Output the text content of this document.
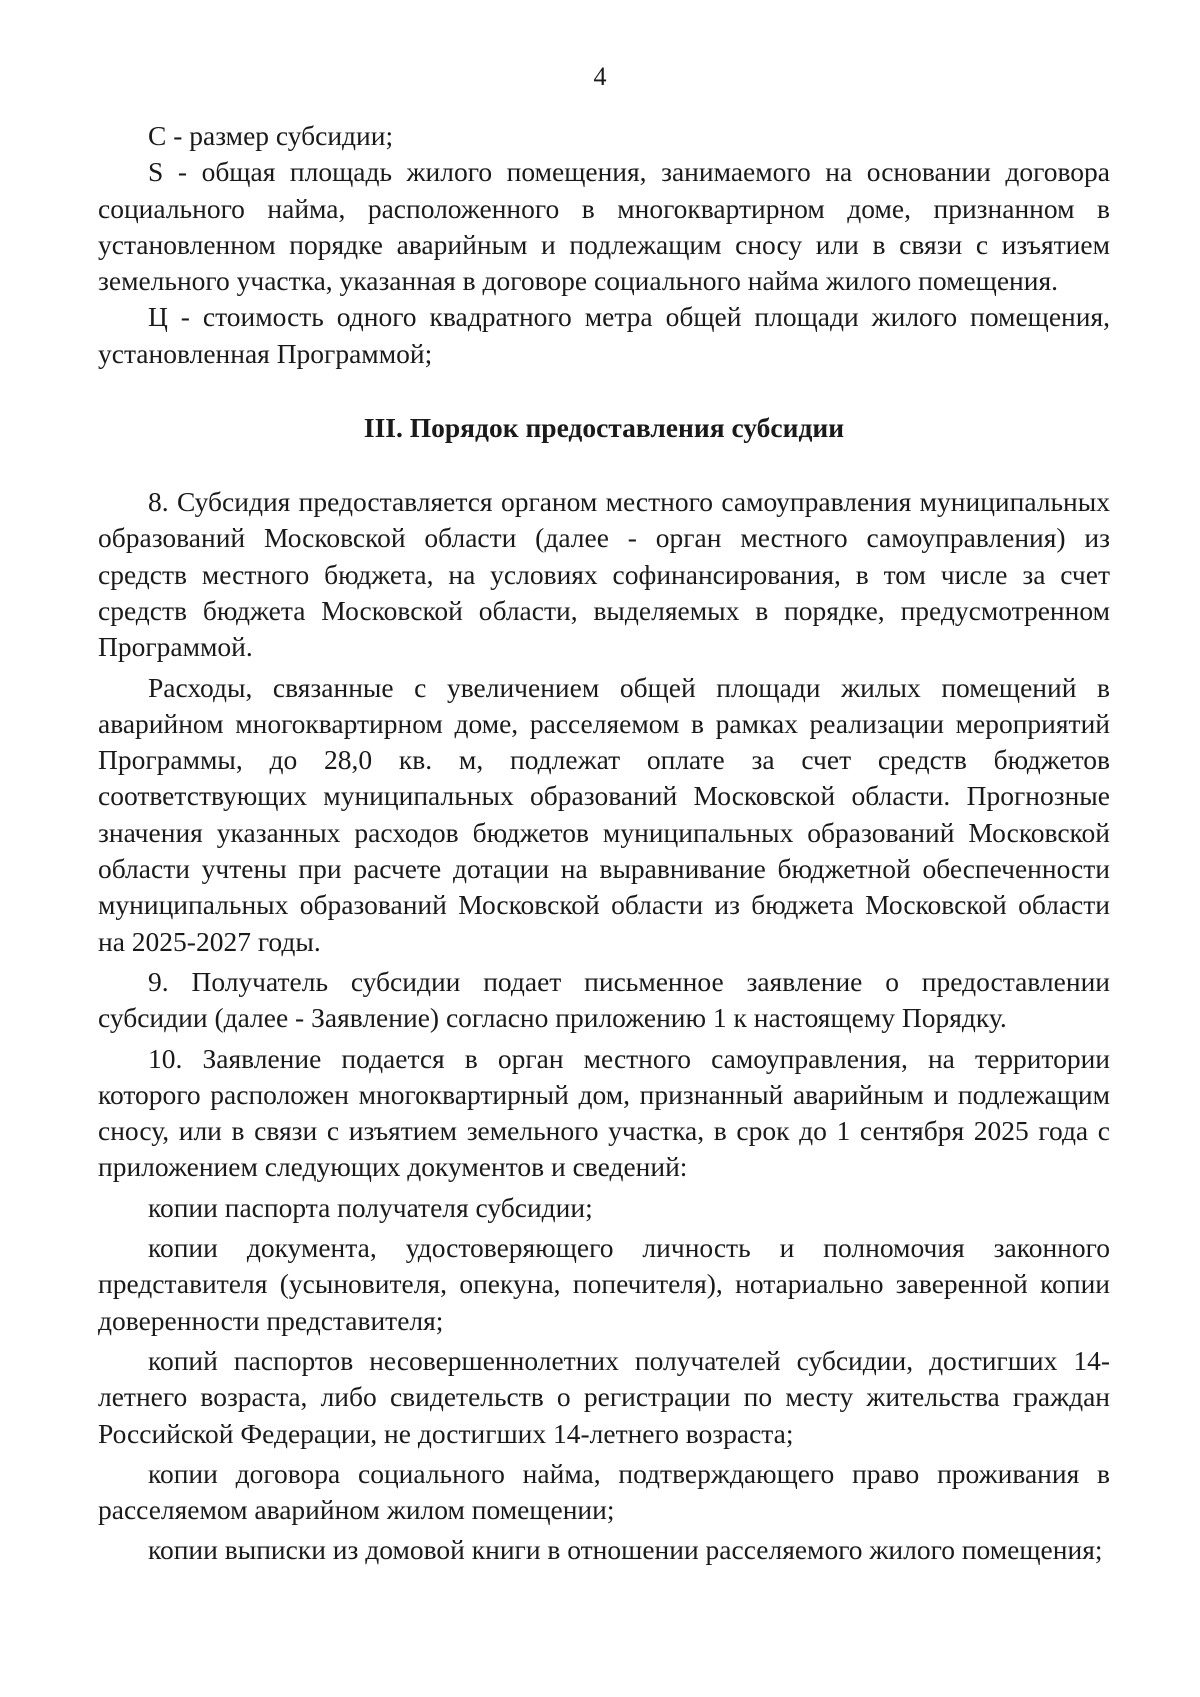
4

С - размер субсидии;

S - общая площадь жилого помещения, занимаемого на основании договора социального найма, расположенного в многоквартирном доме, признанном в установленном порядке аварийным и подлежащим сносу или в связи с изъятием земельного участка, указанная в договоре социального найма жилого помещения.

Ц - стоимость одного квадратного метра общей площади жилого помещения, установленная Программой;

III. Порядок предоставления субсидии

8. Субсидия предоставляется органом местного самоуправления муниципальных образований Московской области (далее - орган местного самоуправления) из средств местного бюджета, на условиях софинансирования, в том числе за счет средств бюджета Московской области, выделяемых в порядке, предусмотренном Программой.

Расходы, связанные с увеличением общей площади жилых помещений в аварийном многоквартирном доме, расселяемом в рамках реализации мероприятий Программы, до 28,0 кв. м, подлежат оплате за счет средств бюджетов соответствующих муниципальных образований Московской области. Прогнозные значения указанных расходов бюджетов муниципальных образований Московской области учтены при расчете дотации на выравнивание бюджетной обеспеченности муниципальных образований Московской области из бюджета Московской области на 2025-2027 годы.

9. Получатель субсидии подает письменное заявление о предоставлении субсидии (далее - Заявление) согласно приложению 1 к настоящему Порядку.

10. Заявление подается в орган местного самоуправления, на территории которого расположен многоквартирный дом, признанный аварийным и подлежащим сносу, или в связи с изъятием земельного участка, в срок до 1 сентября 2025 года с приложением следующих документов и сведений:

копии паспорта получателя субсидии;

копии документа, удостоверяющего личность и полномочия законного представителя (усыновителя, опекуна, попечителя), нотариально заверенной копии доверенности представителя;

копий паспортов несовершеннолетних получателей субсидии, достигших 14-летнего возраста, либо свидетельств о регистрации по месту жительства граждан Российской Федерации, не достигших 14-летнего возраста;

копии договора социального найма, подтверждающего право проживания в расселяемом аварийном жилом помещении;

копии выписки из домовой книги в отношении расселяемого жилого помещения;
